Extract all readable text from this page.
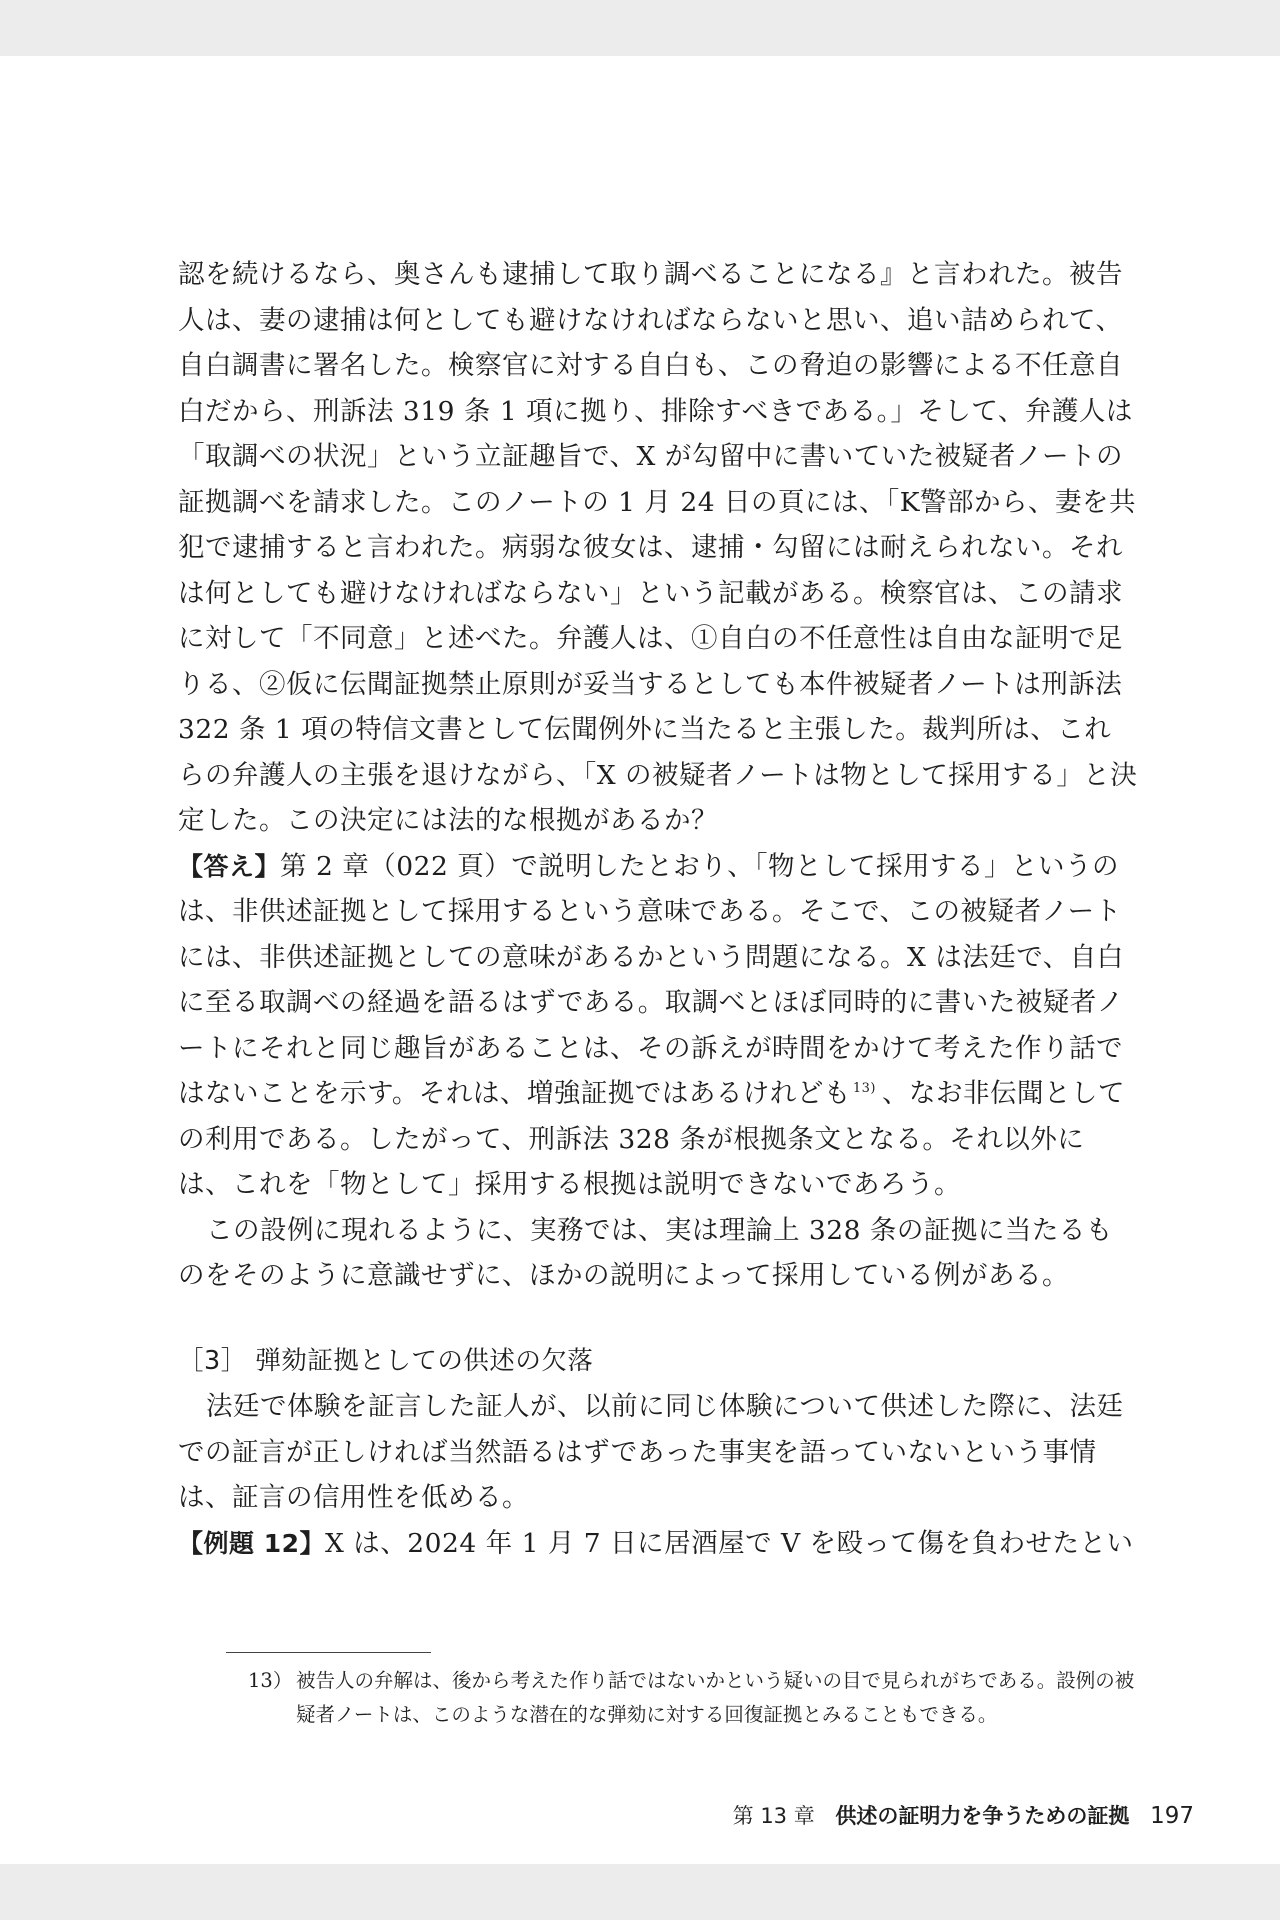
認を続けるなら、奥さんも逮捕して取り調べることになる』と言われた。被告人は、妻の逮捕は何としても避けなければならないと思い、追い詰められて、自白調書に署名した。検察官に対する自白も、この脅迫の影響による不任意自白だから、刑訴法 319 条 1 項に拠り、排除すべきである。」そして、弁護人は「取調べの状況」という立証趣旨で、X が勾留中に書いていた被疑者ノートの証拠調べを請求した。このノートの 1 月 24 日の頁には、「K警部から、妻を共犯で逮捕すると言われた。病弱な彼女は、逮捕・勾留には耐えられない。それは何としても避けなければならない」という記載がある。検察官は、この請求に対して「不同意」と述べた。弁護人は、①自白の不任意性は自由な証明で足りる、②仮に伝聞証拠禁止原則が妥当するとしても本件被疑者ノートは刑訴法 322 条 1 項の特信文書として伝聞例外に当たると主張した。裁判所は、これらの弁護人の主張を退けながら、「X の被疑者ノートは物として採用する」と決定した。この決定には法的な根拠があるか？

【答え】第 2 章（022 頁）で説明したとおり、「物として採用する」というのは、非供述証拠として採用するという意味である。そこで、この被疑者ノートには、非供述証拠としての意味があるかという問題になる。X は法廷で、自白に至る取調べの経過を語るはずである。取調べとほぼ同時的に書いた被疑者ノートにそれと同じ趣旨があることは、その訴えが時間をかけて考えた作り話ではないことを示す。それは、増強証拠ではあるけれども $^{13)}$ 、なお非伝聞としての利用である。したがって、刑訴法 328 条が根拠条文となる。それ以外には、これを「物として」採用する根拠は説明できないであろう。

この設例に現れるように、実務では、実は理論上 328 条の証拠に当たるものをそのように意識せずに、ほかの説明によって採用している例がある。

［3］ 弾劾証拠としての供述の欠落

法廷で体験を証言した証人が、以前に同じ体験について供述した際に、法廷での証言が正しければ当然語るはずであった事実を語っていないという事情は、証言の信用性を低める。

【例題 12】X は、2024 年 1 月 7 日に居酒屋で V を殴って傷を負わせたとい

13） 被告人の弁解は、後から考えた作り話ではないかという疑いの目で見られがちである。設例の被疑者ノートは、このような潜在的な弾劾に対する回復証拠とみることもできる。

第 13 章 供述の証明力を争うための証拠 197
